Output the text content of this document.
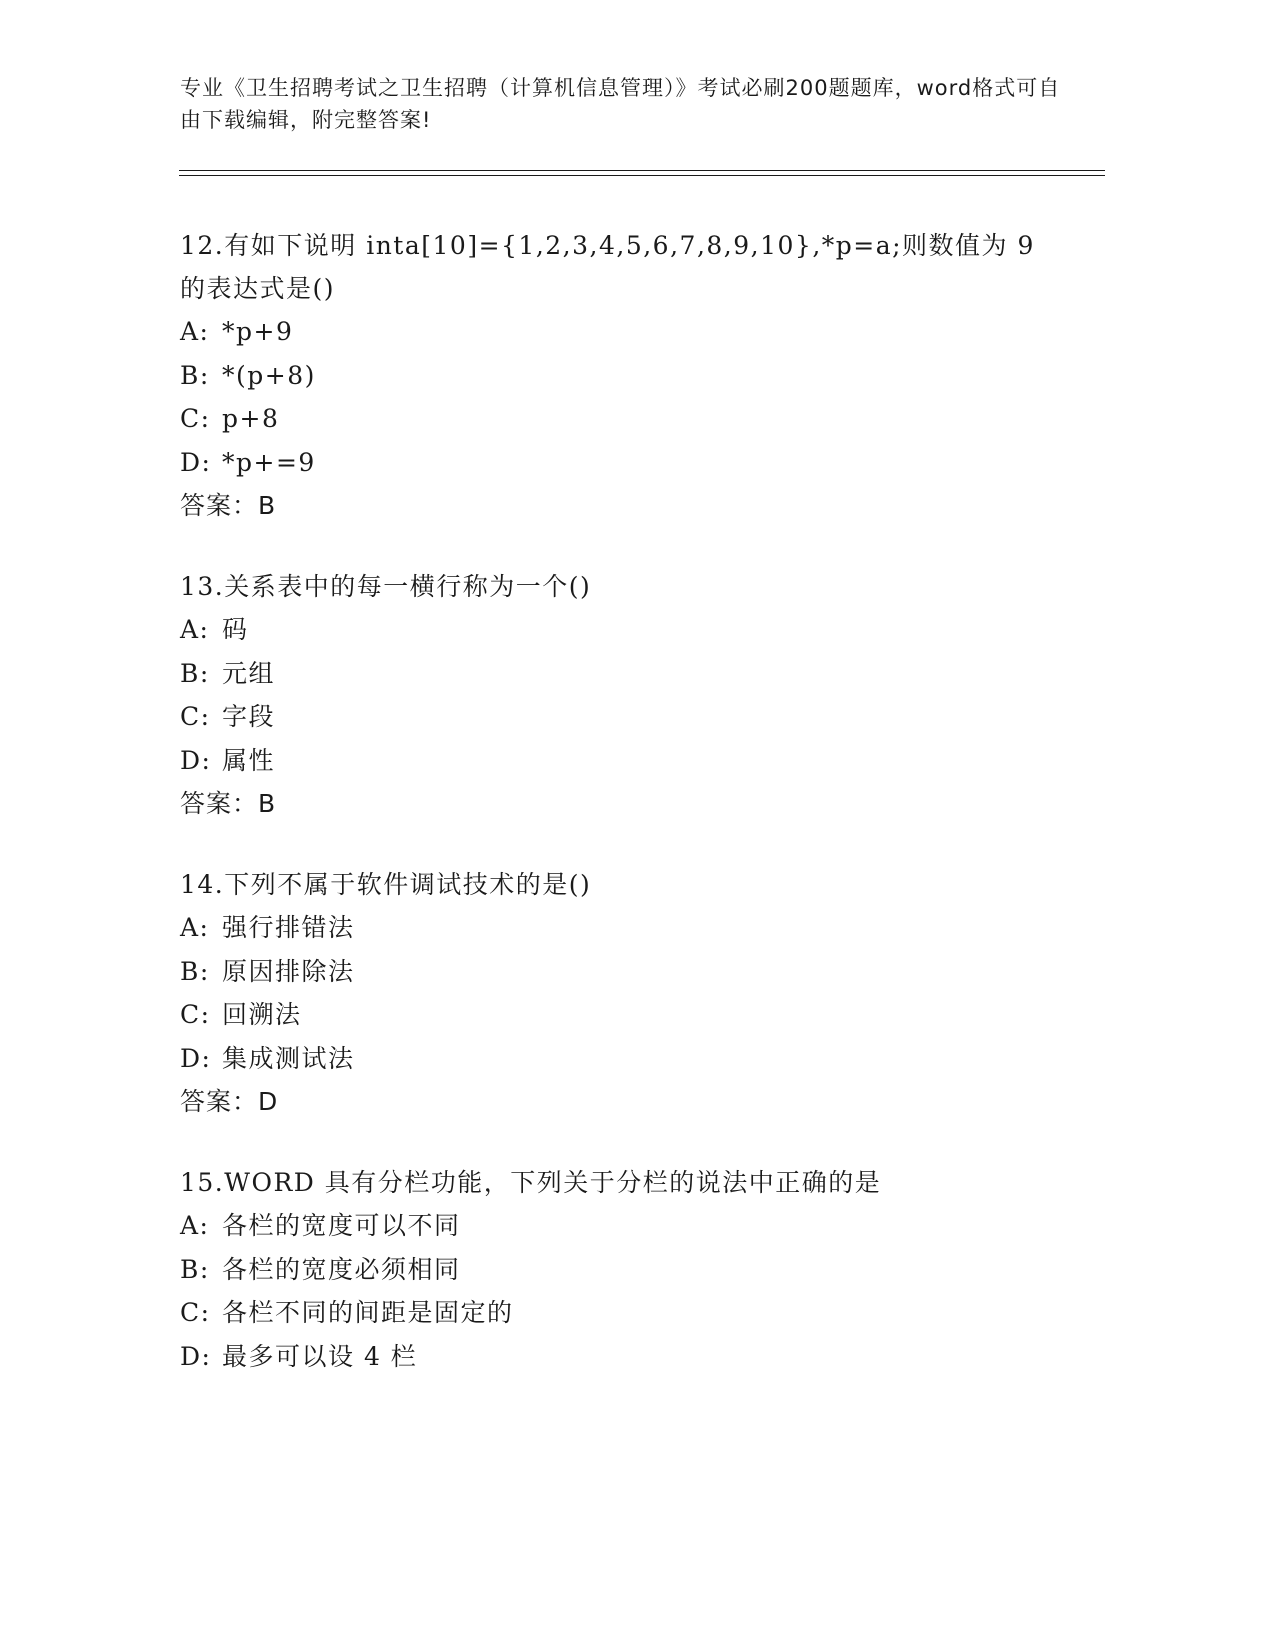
专业《卫生招聘考试之卫生招聘（计算机信息管理）》考试必刷200题题库，word格式可自由下载编辑，附完整答案!
12.有如下说明 inta[10]={1,2,3,4,5,6,7,8,9,10},*p=a;则数值为 9
的表达式是()
A: *p+9
B: *(p+8)
C: p+8
D: *p+=9
答案：B
13.关系表中的每一横行称为一个()
A: 码
B: 元组
C: 字段
D: 属性
答案：B
14.下列不属于软件调试技术的是()
A: 强行排错法
B: 原因排除法
C: 回溯法
D: 集成测试法
答案：D
15.WORD 具有分栏功能，下列关于分栏的说法中正确的是
A: 各栏的宽度可以不同
B: 各栏的宽度必须相同
C: 各栏不同的间距是固定的
D: 最多可以设 4 栏
